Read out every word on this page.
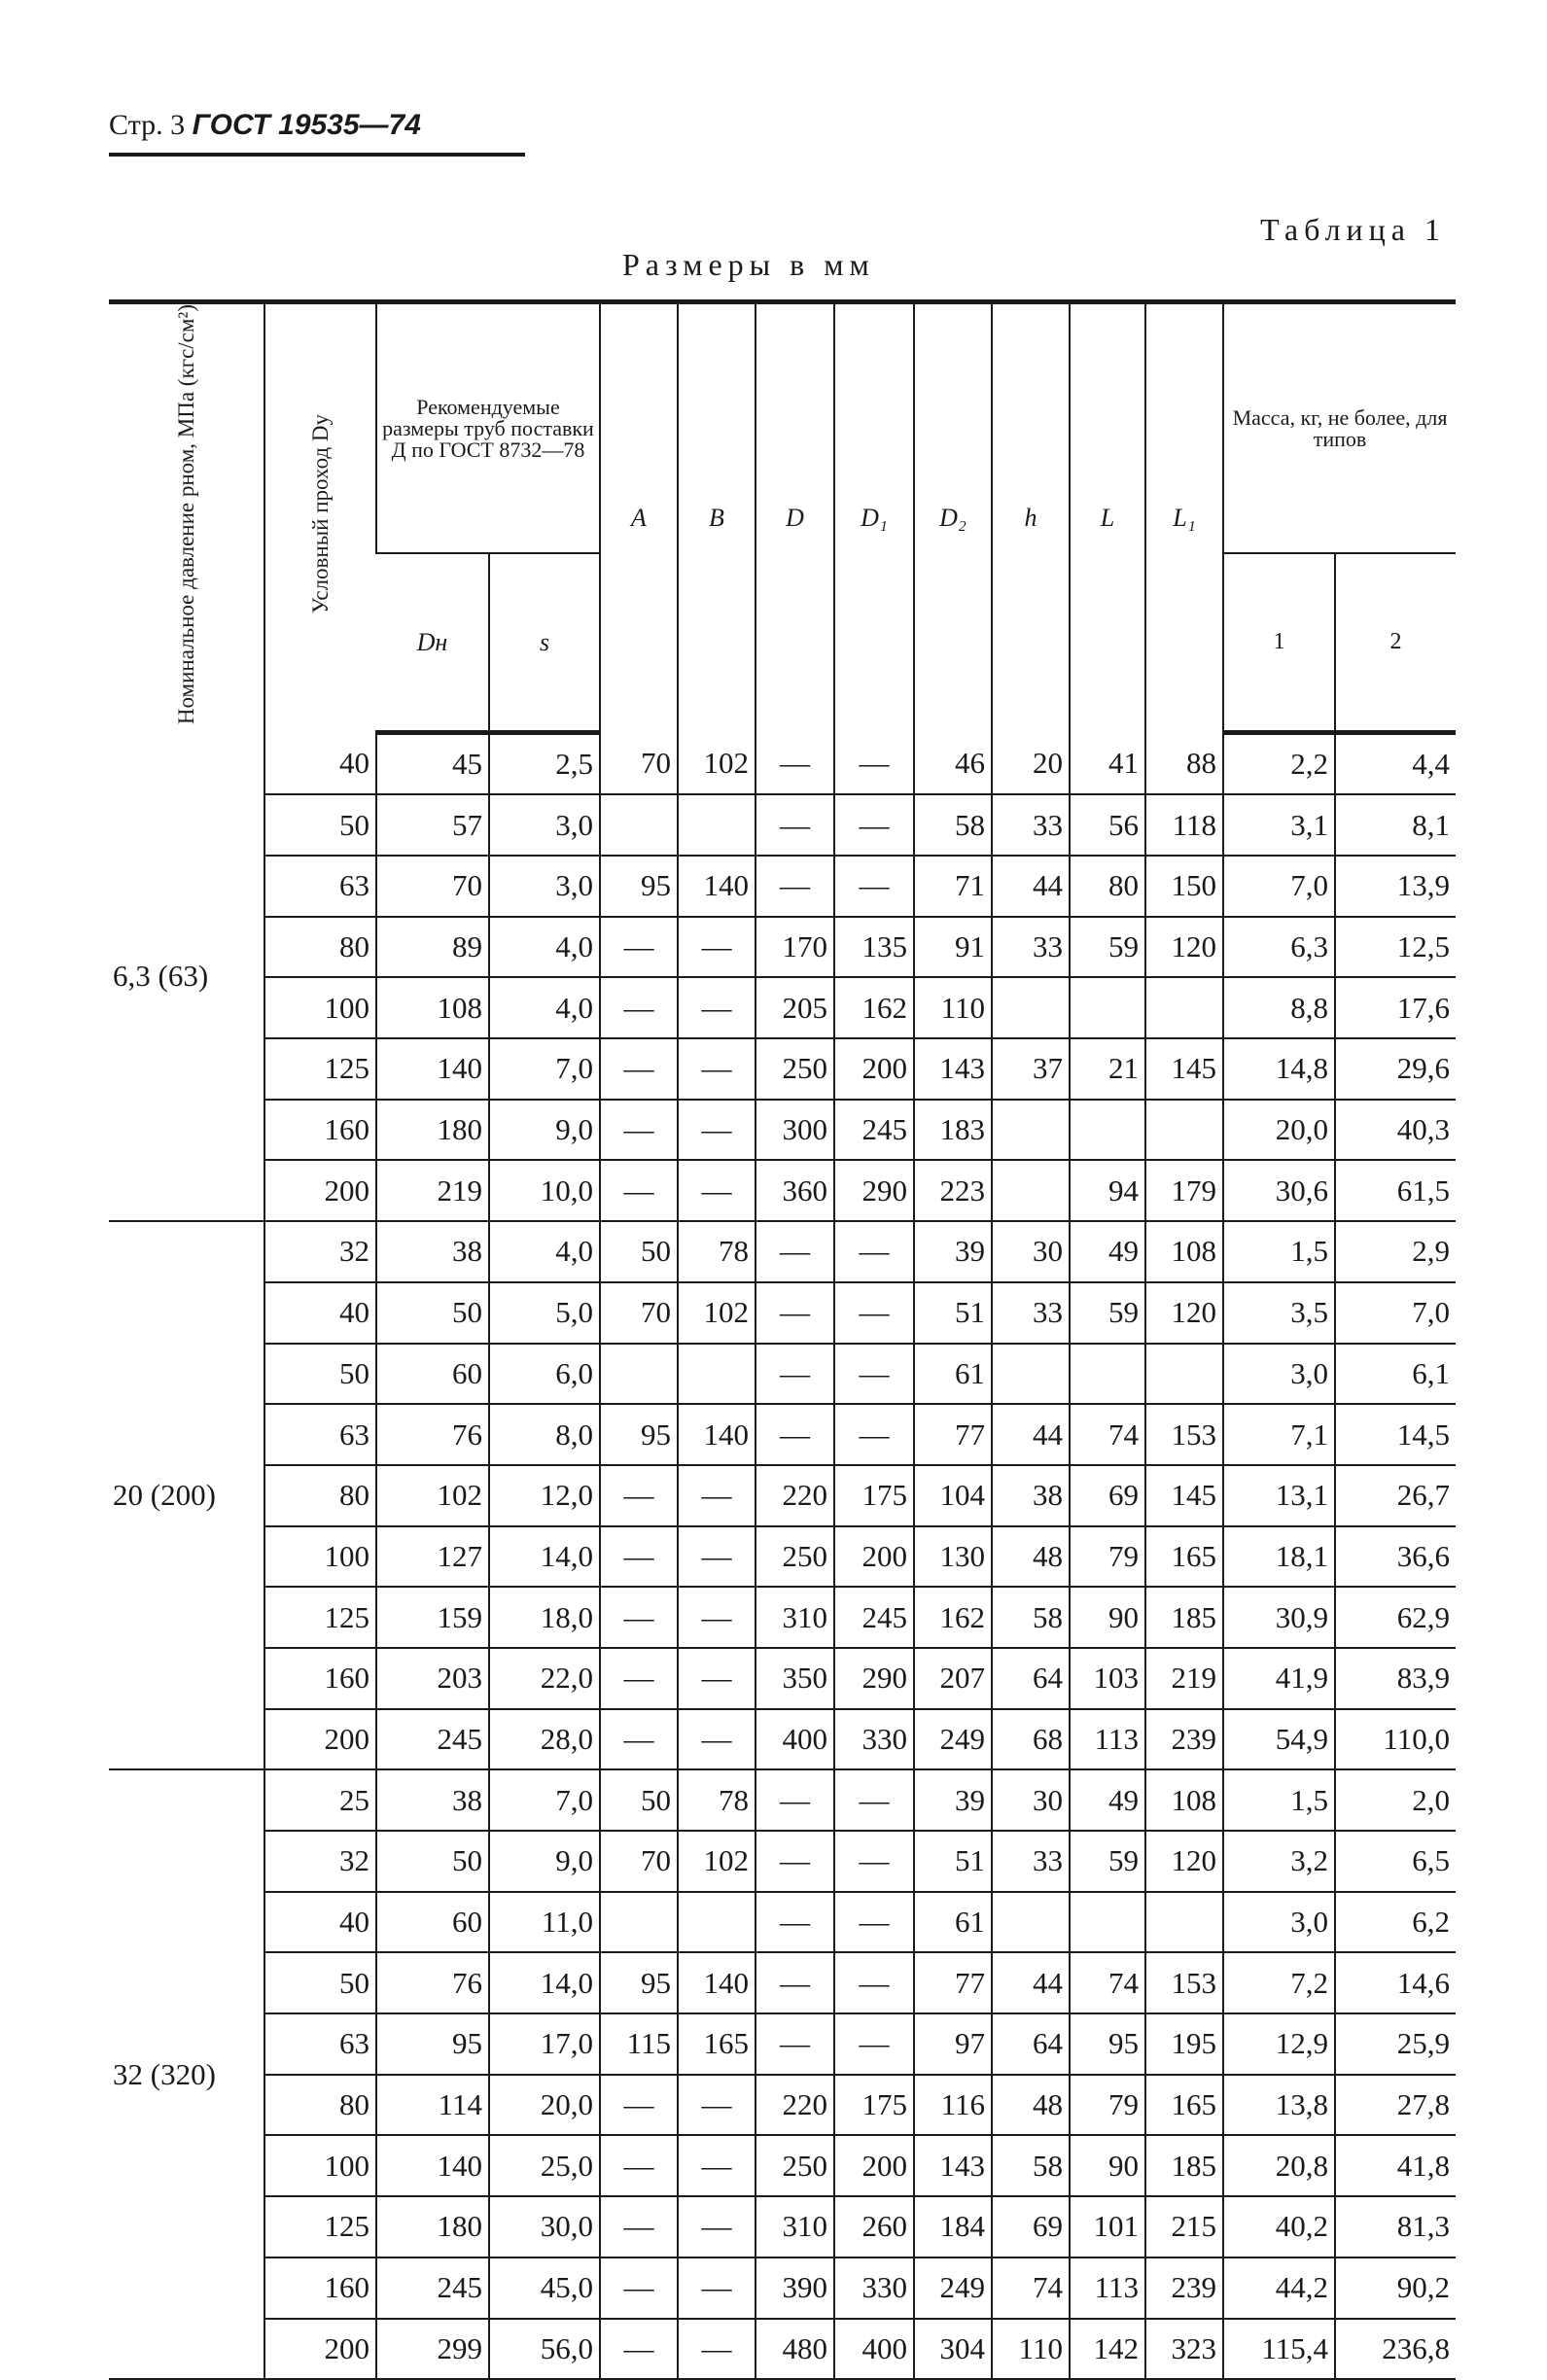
Стр. 3 ГОСТ 19535—74
Таблица 1
Размеры в мм
Номинальное давление pном, МПа (кгс/см²)	Условный проход Dy	Рекомендуемые размеры труб поставки Д по ГОСТ 8732—78		A	B	D	D₁	D₂	h	L	L₁	Масса, кг, не более, для типов	
		Dн	s									1	2
6,3 (63)	40	45	2,5	70	102	—	—	46	20	41	88	2,2	4,4
	50	57	3,0			—	—	58	33	56	118	3,1	8,1
	63	70	3,0	95	140	—	—	71	44	80	150	7,0	13,9
	80	89	4,0	—	—	170	135	91	33	59	120	6,3	12,5
	100	108	4,0	—	—	205	162	110				8,8	17,6
	125	140	7,0	—	—	250	200	143	37	21	145	14,8	29,6
	160	180	9,0	—	—	300	245	183				20,0	40,3
	200	219	10,0	—	—	360	290	223		94	179	30,6	61,5
20 (200)	32	38	4,0	50	78	—	—	39	30	49	108	1,5	2,9
	40	50	5,0	70	102	—	—	51	33	59	120	3,5	7,0
	50	60	6,0			—	—	61				3,0	6,1
	63	76	8,0	95	140	—	—	77	44	74	153	7,1	14,5
	80	102	12,0	—	—	220	175	104	38	69	145	13,1	26,7
	100	127	14,0	—	—	250	200	130	48	79	165	18,1	36,6
	125	159	18,0	—	—	310	245	162	58	90	185	30,9	62,9
	160	203	22,0	—	—	350	290	207	64	103	219	41,9	83,9
	200	245	28,0	—	—	400	330	249	68	113	239	54,9	110,0
32 (320)	25	38	7,0	50	78	—	—	39	30	49	108	1,5	2,0
	32	50	9,0	70	102	—	—	51	33	59	120	3,2	6,5
	40	60	11,0			—	—	61				3,0	6,2
	50	76	14,0	95	140	—	—	77	44	74	153	7,2	14,6
	63	95	17,0	115	165	—	—	97	64	95	195	12,9	25,9
	80	114	20,0	—	—	220	175	116	48	79	165	13,8	27,8
	100	140	25,0	—	—	250	200	143	58	90	185	20,8	41,8
	125	180	30,0	—	—	310	260	184	69	101	215	40,2	81,3
	160	245	45,0	—	—	390	330	249	74	113	239	44,2	90,2
	200	299	56,0	—	—	480	400	304	110	142	323	115,4	236,8
